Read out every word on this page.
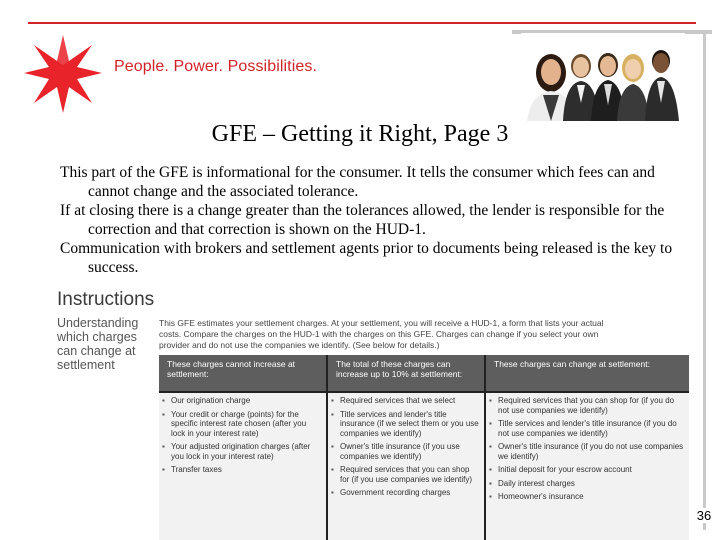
People. Power. Possibilities.
GFE – Getting it Right, Page 3

This part of the GFE is informational for the consumer. It tells the consumer which fees can and cannot change and the associated tolerance.

If at closing there is a change greater than the tolerances allowed, the lender is responsible for the correction and that correction is shown on the HUD-1.

Communication with brokers and settlement agents prior to documents being released is the key to success.

Instructions
Understanding which charges can change at settlement
This GFE estimates your settlement charges. At your settlement, you will receive a HUD-1, a form that lists your actual costs. Compare the charges on the HUD-1 with the charges on this GFE. Charges can change if you select your own provider and do not use the companies we identify. (See below for details.)
These charges cannot increase at settlement:
▪ Our origination charge
▪ Your credit or charge (points) for the specific interest rate chosen (after you lock in your interest rate)
▪ Your adjusted origination charges (after you lock in your interest rate)
▪ Transfer taxes
The total of these charges can increase up to 10% at settlement:
▪ Required services that we select
▪ Title services and lender's title insurance (if we select them or you use companies we identify)
▪ Owner's title insurance (if you use companies we identify)
▪ Required services that you can shop for (if you use companies we identify)
▪ Government recording charges
These charges can change at settlement:
▪ Required services that you can shop for (if you do not use companies we identify)
▪ Title services and lender's title insurance (if you do not use companies we identify)
▪ Owner's title insurance (if you do not use companies we identify)
▪ Initial deposit for your escrow account
▪ Daily interest charges
▪ Homeowner's insurance
36
